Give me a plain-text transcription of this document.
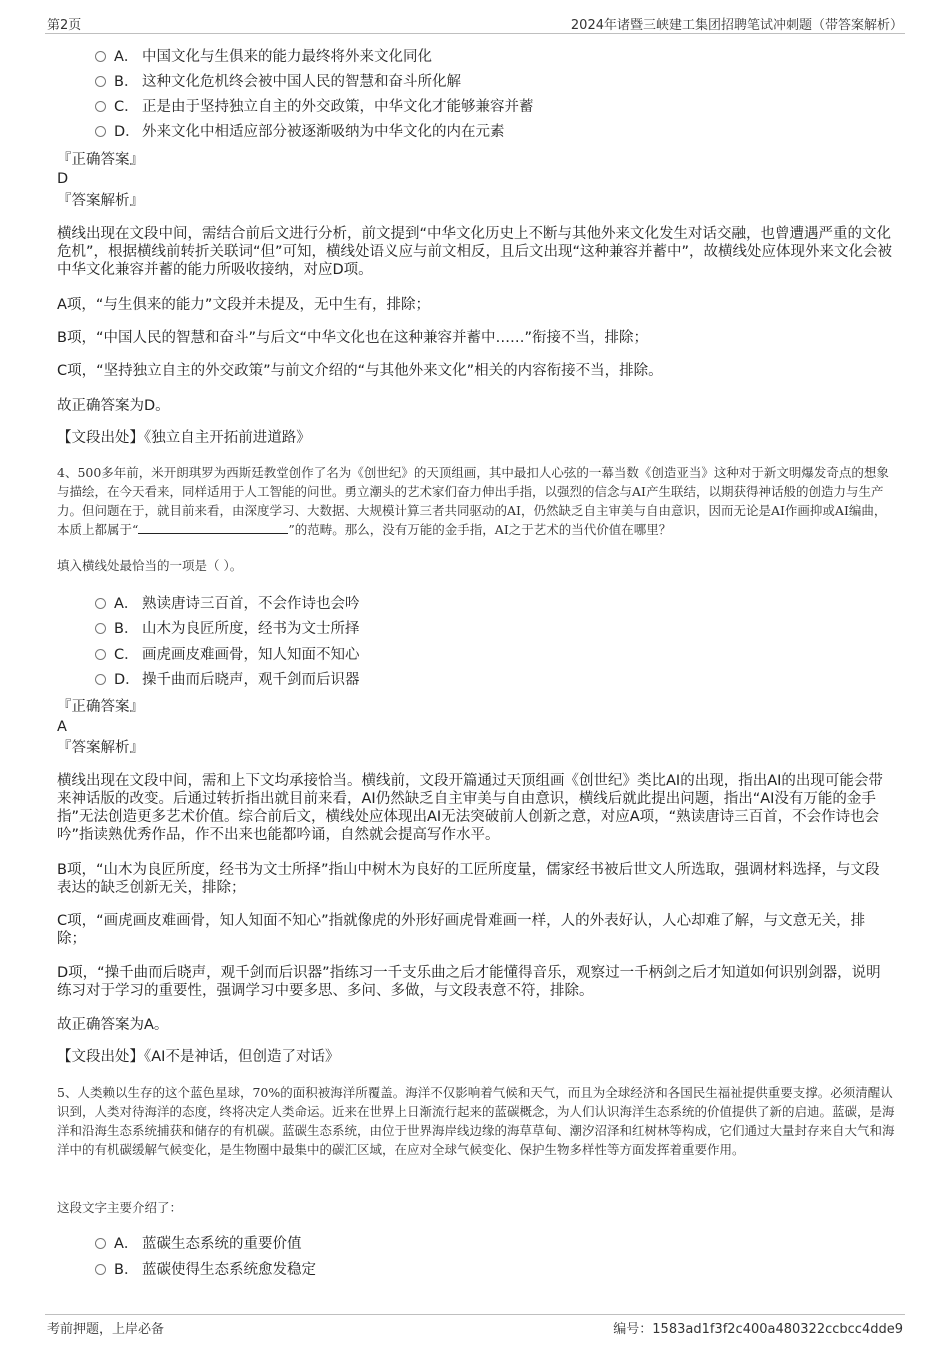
第2页	2024年诸暨三峡建工集团招聘笔试冲刺题（带答案解析）
A． 中国文化与生俱来的能力最终将外来文化同化
B． 这种文化危机终会被中国人民的智慧和奋斗所化解
C． 正是由于坚持独立自主的外交政策，中华文化才能够兼容并蓄
D． 外来文化中相适应部分被逐渐吸纳为中华文化的内在元素
『正确答案』
D
『答案解析』
横线出现在文段中间，需结合前后文进行分析，前文提到“中华文化历史上不断与其他外来文化发生对话交融，也曾遭遇严重的文化危机”，根据横线前转折关联词“但”可知，横线处语义应与前文相反，且后文出现“这种兼容并蓄中”，故横线处应体现外来文化会被中华文化兼容并蓄的能力所吸收接纳，对应D项。
A项，“与生俱来的能力”文段并未提及，无中生有，排除；
B项，“中国人民的智慧和奋斗”与后文“中华文化也在这种兼容并蓄中……”衔接不当，排除；
C项，“坚持独立自主的外交政策”与前文介绍的“与其他外来文化”相关的内容衔接不当，排除。
故正确答案为D。
【文段出处】《独立自主开拓前进道路》
4、500多年前，米开朗琪罗为西斯廷教堂创作了名为《创世纪》的天顶组画，其中最扣人心弦的一幕当数《创造亚当》这种对于新文明爆发奇点的想象与描绘，在今天看来，同样适用于人工智能的问世。勇立潮头的艺术家们奋力伸出手指，以强烈的信念与AI产生联结，以期获得神话般的创造力与生产力。但问题在于，就目前来看，由深度学习、大数据、大规模计算三者共同驱动的AI，仍然缺乏自主审美与自由意识，因而无论是AI作画抑或AI编曲，本质上都属于“	”的范畴。那么，没有万能的金手指，AI之于艺术的当代价值在哪里？
填入横线处最恰当的一项是（ ）。
A． 熟读唐诗三百首，不会作诗也会吟
B． 山木为良匠所度，经书为文士所择
C． 画虎画皮难画骨，知人知面不知心
D． 操千曲而后晓声，观千剑而后识器
『正确答案』
A
『答案解析』
横线出现在文段中间，需和上下文均承接恰当。横线前，文段开篇通过天顶组画《创世纪》类比AI的出现，指出AI的出现可能会带来神话版的改变。后通过转折指出就目前来看，AI仍然缺乏自主审美与自由意识，横线后就此提出问题，指出“AI没有万能的金手指”无法创造更多艺术价值。综合前后文，横线处应体现出AI无法突破前人创新之意，对应A项，“熟读唐诗三百首，不会作诗也会吟”指读熟优秀作品，作不出来也能都吟诵，自然就会提高写作水平。
B项，“山木为良匠所度，经书为文士所择”指山中树木为良好的工匠所度量，儒家经书被后世文人所选取，强调材料选择，与文段表达的缺乏创新无关，排除；
C项，“画虎画皮难画骨，知人知面不知心”指就像虎的外形好画虎骨难画一样，人的外表好认，人心却难了解，与文意无关，排除；
D项，“操千曲而后晓声，观千剑而后识器”指练习一千支乐曲之后才能懂得音乐，观察过一千柄剑之后才知道如何识别剑器，说明练习对于学习的重要性，强调学习中要多思、多问、多做，与文段表意不符，排除。
故正确答案为A。
【文段出处】《AI不是神话，但创造了对话》
5、人类赖以生存的这个蓝色星球，70%的面积被海洋所覆盖。海洋不仅影响着气候和天气，而且为全球经济和各国民生福祉提供重要支撑。必须清醒认识到，人类对待海洋的态度，终将决定人类命运。近来在世界上日渐流行起来的蓝碳概念，为人们认识海洋生态系统的价值提供了新的启迪。蓝碳，是海洋和沿海生态系统捕获和储存的有机碳。蓝碳生态系统，由位于世界海岸线边缘的海草草甸、潮汐沼泽和红树林等构成，它们通过大量封存来自大气和海洋中的有机碳缓解气候变化，是生物圈中最集中的碳汇区域，在应对全球气候变化、保护生物多样性等方面发挥着重要作用。
这段文字主要介绍了：
A． 蓝碳生态系统的重要价值
B． 蓝碳使得生态系统愈发稳定
考前押题，上岸必备	编号：1583ad1f3f2c400a480322ccbcc4dde9
